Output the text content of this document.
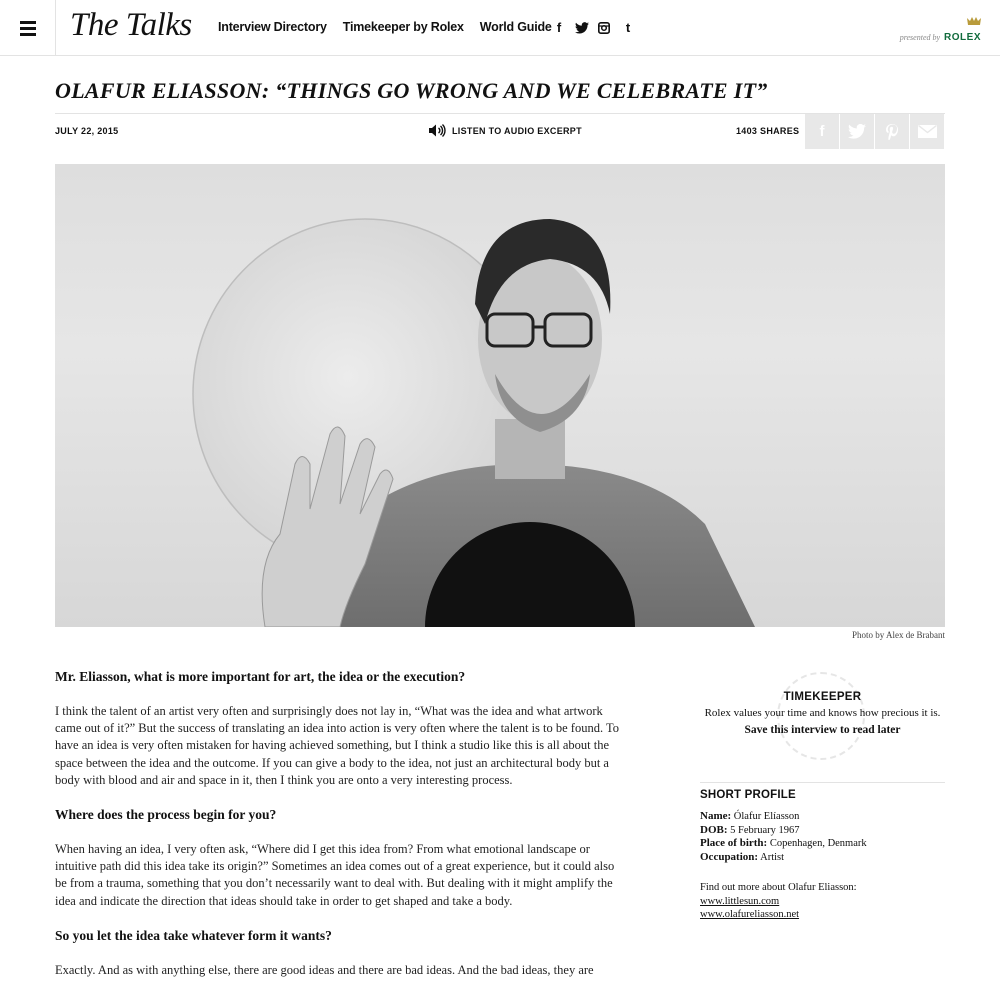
The Talks Interview Directory Timekeeper by Rolex World Guide f	t
presented by ROLEX
OLAFUR ELIASSON: “THINGS GO WRONG AND WE CELEBRATE IT”
JULY 22, 2015	LISTEN TO AUDIO EXCERPT	1403 SHARES f
Photo by Alex de Brabant

Mr. Eliasson, what is more important for art, the idea or the execution?

I think the talent of an artist very often and surprisingly does not lay in, “What was the idea and what artwork came out of it?” But the success of translating an idea into action is very often where the talent is to be found. To have an idea is very often mistaken for having achieved something, but I think a studio like this is all about the space between the idea and the outcome. If you can give a body to the idea, not just an architectural body but a body with blood and air and space in it, then I think you are onto a very interesting process.

Where does the process begin for you?

When having an idea, I very often ask, “Where did I get this idea from? From what emotional landscape or intuitive path did this idea take its origin?” Sometimes an idea comes out of a great experience, but it could also be from a trauma, something that you don’t necessarily want to deal with. But dealing with it might amplify the idea and indicate the direction that ideas should take in order to get shaped and take a body.

So you let the idea take whatever form it wants?

Exactly. And as with anything else, there are good ideas and there are bad ideas. And the bad ideas, they are

TIMEKEEPER
Rolex values your time and knows how precious it is.
Save this interview to read later
SHORT PROFILE
Name: Ólafur Elíasson
DOB: 5 February 1967
Place of birth: Copenhagen, Denmark
Occupation: Artist
Find out more about Olafur Eliasson:
www.littlesun.com
www.olafureliasson.net
